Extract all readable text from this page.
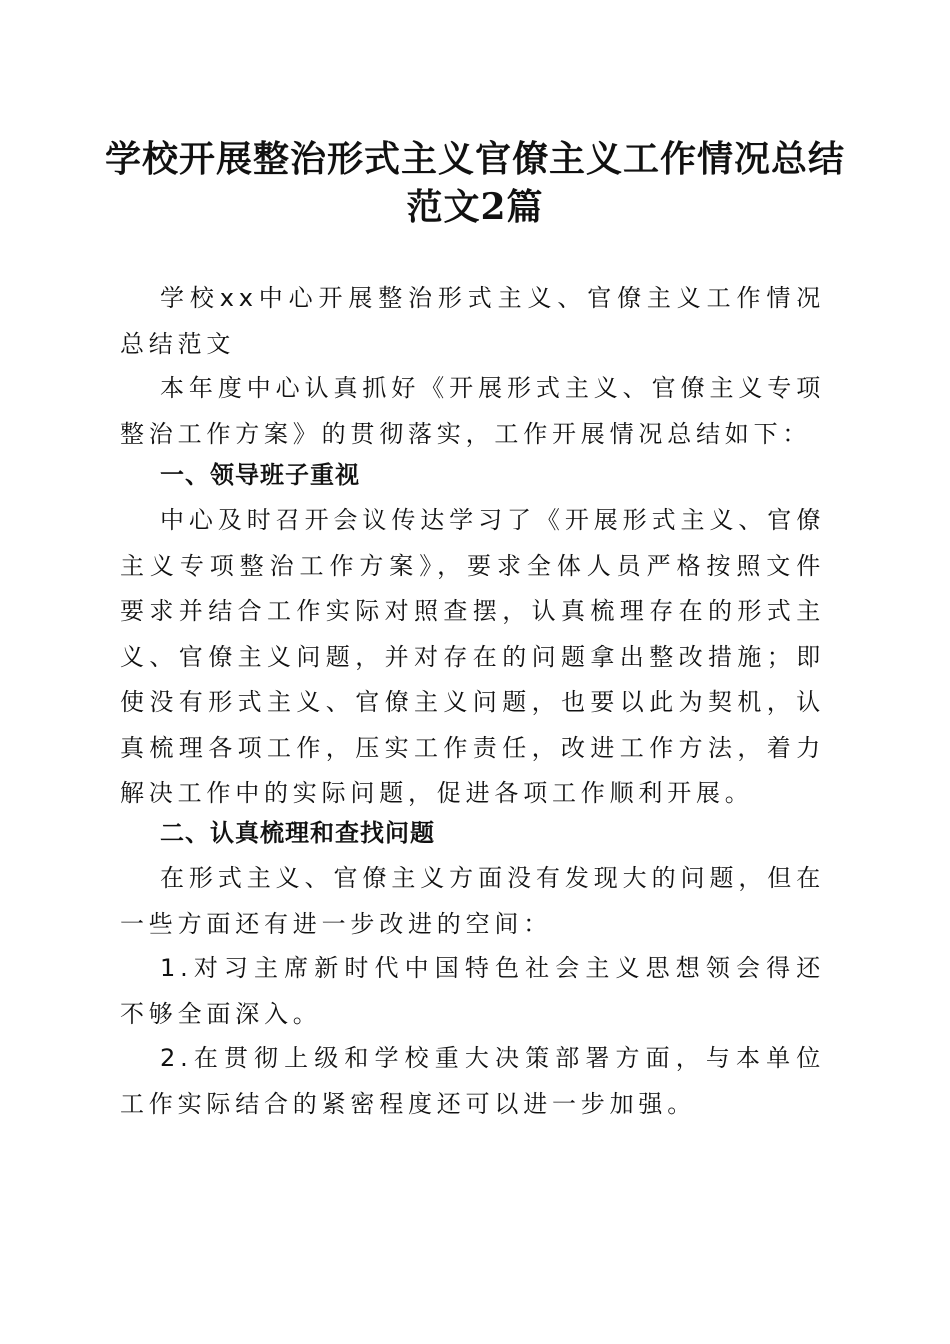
学校开展整治形式主义官僚主义工作情况总结
范文2篇

学校xx中心开展整治形式主义、官僚主义工作情况总结范文

本年度中心认真抓好《开展形式主义、官僚主义专项整治工作方案》的贯彻落实，工作开展情况总结如下：

一、领导班子重视

中心及时召开会议传达学习了《开展形式主义、官僚主义专项整治工作方案》，要求全体人员严格按照文件要求并结合工作实际对照查摆，认真梳理存在的形式主义、官僚主义问题，并对存在的问题拿出整改措施；即使没有形式主义、官僚主义问题，也要以此为契机，认真梳理各项工作，压实工作责任，改进工作方法，着力解决工作中的实际问题，促进各项工作顺利开展。

二、认真梳理和查找问题

在形式主义、官僚主义方面没有发现大的问题，但在一些方面还有进一步改进的空间：

1.对习主席新时代中国特色社会主义思想领会得还不够全面深入。

2.在贯彻上级和学校重大决策部署方面，与本单位工作实际结合的紧密程度还可以进一步加强。
